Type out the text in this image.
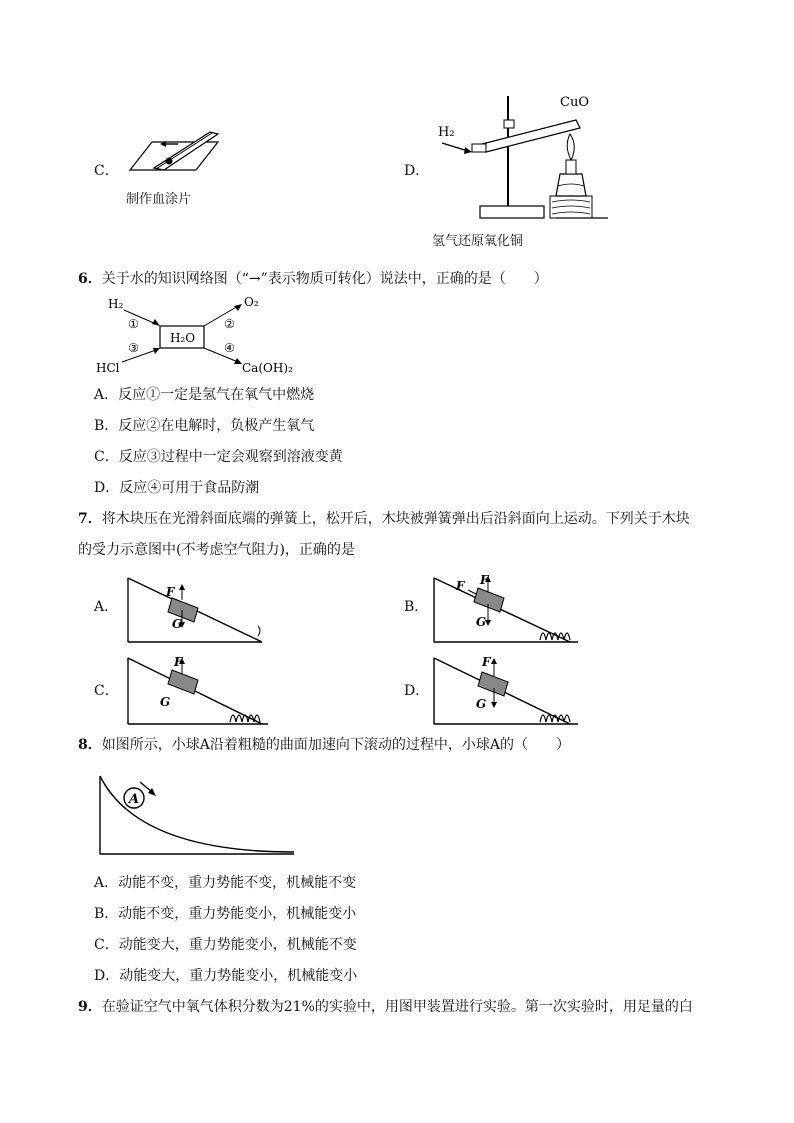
C．
制作血涂片
D．
H₂
CuO
氢气还原氧化铜
6．关于水的知识网络图（“→”表示物质可转化）说法中，正确的是（　　）
H₂O
H₂	O₂
HCl	Ca(OH)₂
①	②
③	④
A．反应①一定是氢气在氧气中燃烧
B．反应②在电解时，负极产生氧气
C．反应③过程中一定会观察到溶液变黄
D．反应④可用于食品防潮
7．将木块压在光滑斜面底端的弹簧上，松开后，木块被弹簧弹出后沿斜面向上运动。下列关于木块
的受力示意图中(不考虑空气阻力)，正确的是
A．
F
G
B．
F F
G
C．
F
G
D．
F
G
8．如图所示，小球A沿着粗糙的曲面加速向下滚动的过程中，小球A的（　　）
A
A．动能不变，重力势能不变，机械能不变
B．动能不变，重力势能变小，机械能变小
C．动能变大，重力势能变小，机械能不变
D．动能变大，重力势能变小，机械能变小
9．在验证空气中氧气体积分数为21%的实验中，用图甲装置进行实验。第一次实验时，用足量的白
